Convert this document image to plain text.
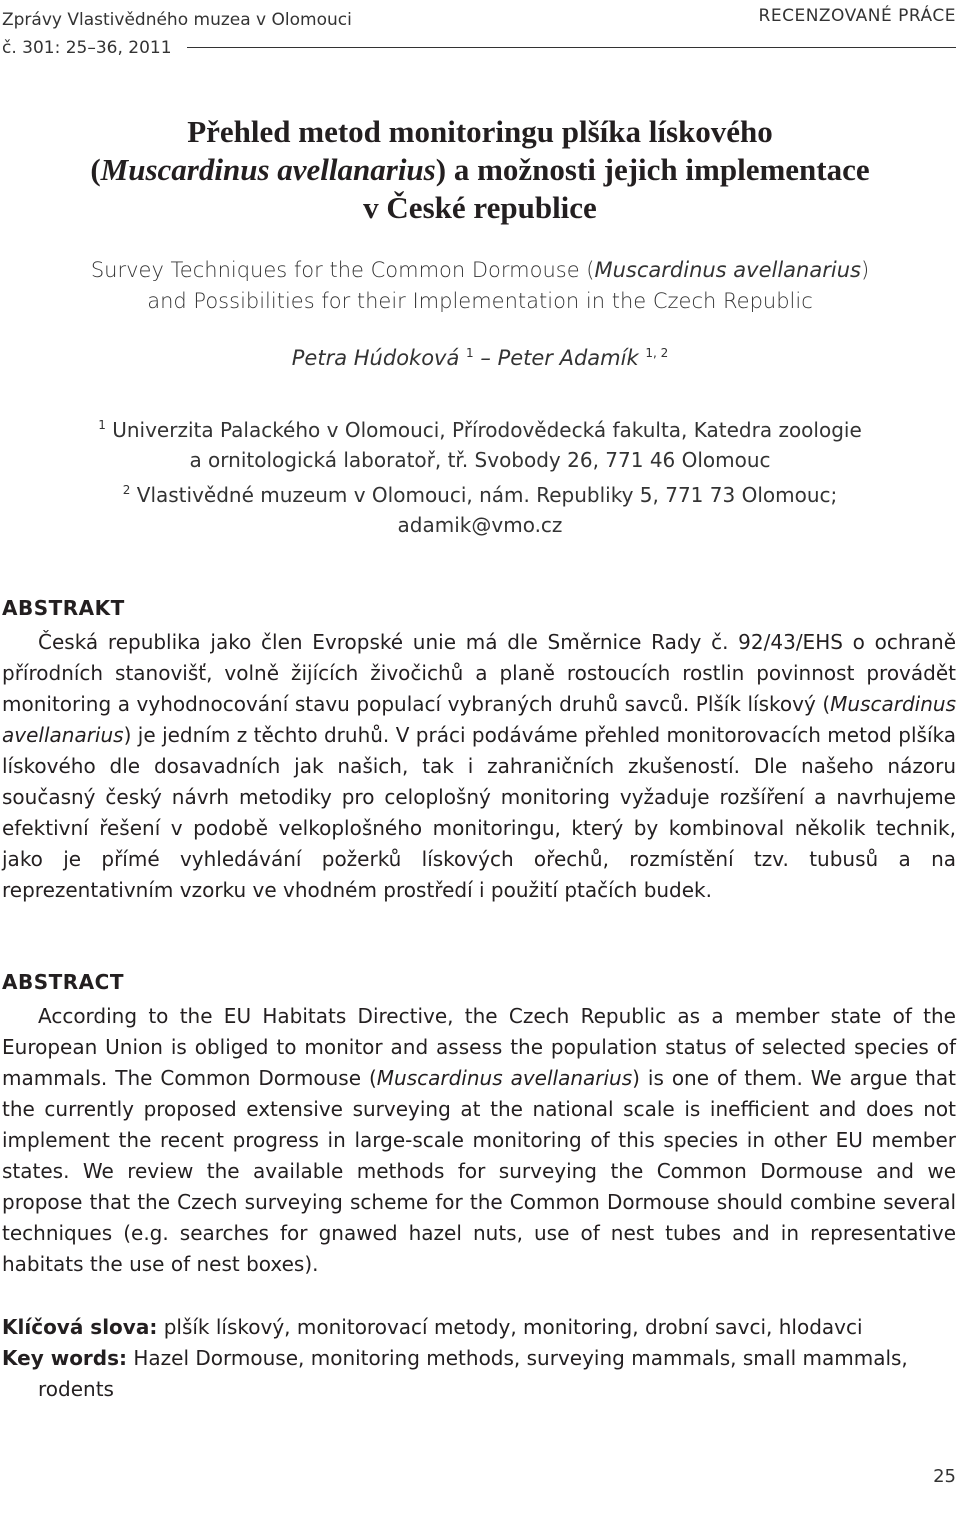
Zprávy Vlastivědného muzea v Olomouci
č. 301: 25–36, 2011
RECENZOVANÉ PRÁCE
Přehled metod monitoringu plšíka lískového
(Muscardinus avellanarius) a možnosti jejich implementace
v České republice
Survey Techniques for the Common Dormouse (Muscardinus avellanarius)
and Possibilities for their Implementation in the Czech Republic
Petra Húdoková $^1$ – Peter Adamík $^{1, 2}$
$^1$ Univerzita Palackého v Olomouci, Přírodovědecká fakulta, Katedra zoologie
a ornitologická laboratoř, tř. Svobody 26, 771 46 Olomouc
$^2$ Vlastivědné muzeum v Olomouci, nám. Republiky 5, 771 73 Olomouc;
adamik@vmo.cz
ABSTRAKT
Česká republika jako člen Evropské unie má dle Směrnice Rady č. 92/43/EHS o ochraně přírodních stanovišť, volně žijících živočichů a planě rostoucích rostlin povinnost provádět monitoring a vyhodnocování stavu populací vybraných druhů savců. Plšík lískový (Muscardinus avellanarius) je jedním z těchto druhů. V práci podáváme přehled monitorovacích metod plšíka lískového dle dosavadních jak našich, tak i zahraničních zkušeností. Dle našeho názoru současný český návrh metodiky pro celoplošný monitoring vyžaduje rozšíření a navrhujeme efektivní řešení v podobě velkoplošného monitoringu, který by kombinoval několik technik, jako je přímé vyhledávání požerků lískových ořechů, rozmístění tzv. tubusů a na reprezentativním vzorku ve vhodném prostředí i použití ptačích budek.
ABSTRACT
According to the EU Habitats Directive, the Czech Republic as a member state of the European Union is obliged to monitor and assess the population status of selected species of mammals. The Common Dormouse (Muscardinus avellanarius) is one of them. We argue that the currently proposed extensive surveying at the national scale is inefficient and does not implement the recent progress in large-scale monitoring of this species in other EU member states. We review the available methods for surveying the Common Dormouse and we propose that the Czech surveying scheme for the Common Dormouse should combine several techniques (e.g. searches for gnawed hazel nuts, use of nest tubes and in representative habitats the use of nest boxes).
Klíčová slova: plšík lískový, monitorovací metody, monitoring, drobní savci, hlodavci
Key words: Hazel Dormouse, monitoring methods, surveying mammals, small mammals,
rodents
25
